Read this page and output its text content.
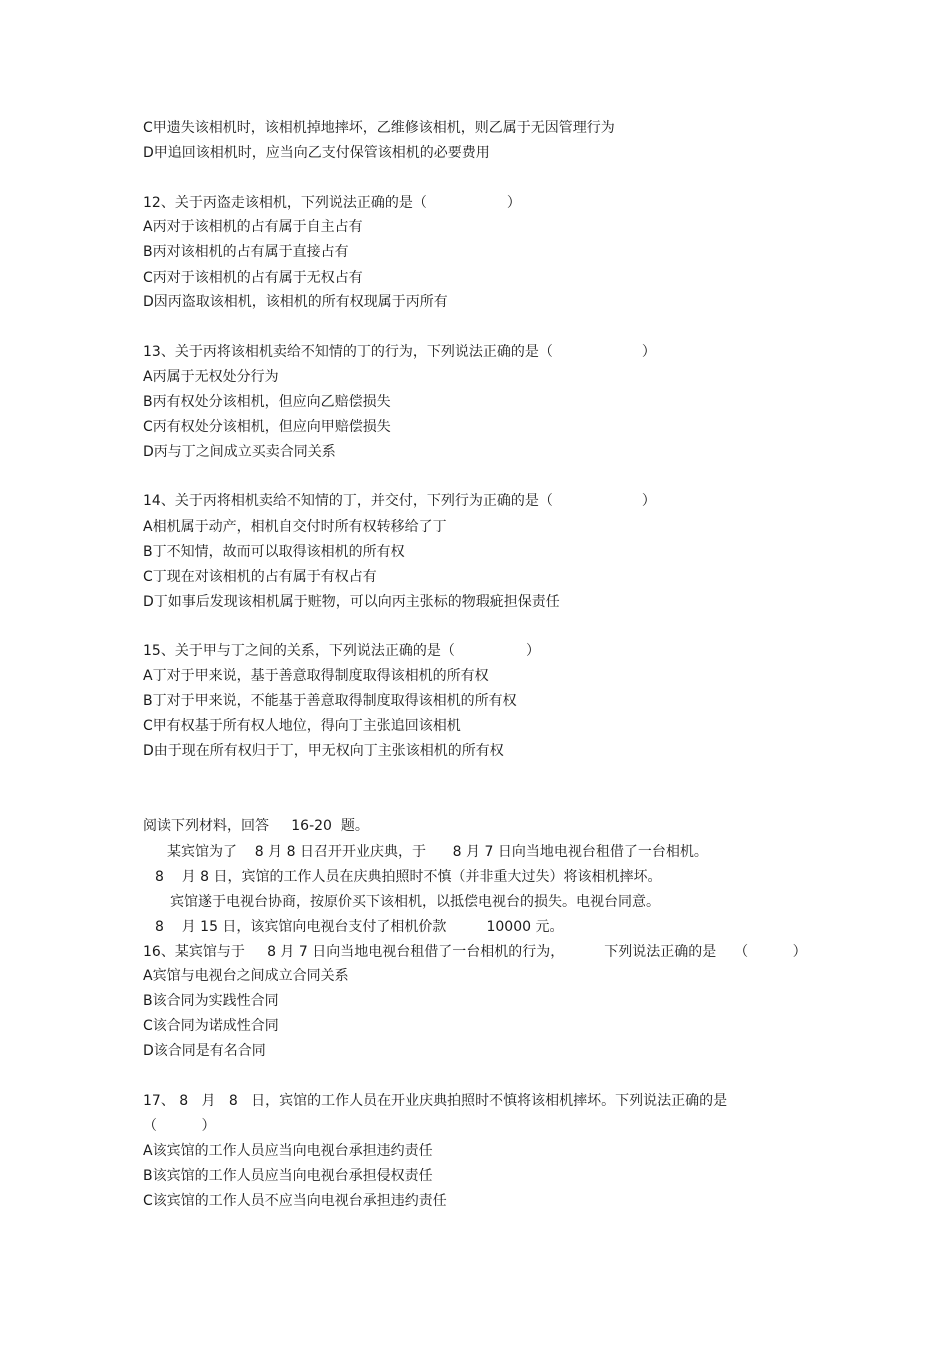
C甲遗失该相机时，该相机掉地摔坏，乙维修该相机，则乙属于无因管理行为
D甲追回该相机时，应当向乙支付保管该相机的必要费用
12、关于丙盗走该相机，下列说法正确的是（                  ）
A丙对于该相机的占有属于自主占有
B丙对该相机的占有属于直接占有
C丙对于该相机的占有属于无权占有
D因丙盗取该相机，该相机的所有权现属于丙所有
13、关于丙将该相机卖给不知情的丁的行为，下列说法正确的是（                    ）
A丙属于无权处分行为
B丙有权处分该相机，但应向乙赔偿损失
C丙有权处分该相机，但应向甲赔偿损失
D丙与丁之间成立买卖合同关系
14、关于丙将相机卖给不知情的丁，并交付，下列行为正确的是（                    ）
A相机属于动产，相机自交付时所有权转移给了丁
B丁不知情，故而可以取得该相机的所有权
C丁现在对该相机的占有属于有权占有
D丁如事后发现该相机属于赃物，可以向丙主张标的物瑕疵担保责任
15、关于甲与丁之间的关系，下列说法正确的是（                ）
A丁对于甲来说，基于善意取得制度取得该相机的所有权
B丁对于甲来说，不能基于善意取得制度取得该相机的所有权
C甲有权基于所有权人地位，得向丁主张追回该相机
D由于现在所有权归于丁，甲无权向丁主张该相机的所有权
阅读下列材料，回答     16-20  题。
某宾馆为了    8 月 8 日召开开业庆典，于      8 月 7 日向当地电视台租借了一台相机。
8    月 8 日，宾馆的工作人员在庆典拍照时不慎（并非重大过失）将该相机摔坏。
宾馆遂于电视台协商，按原价买下该相机，以抵偿电视台的损失。电视台同意。
8    月 15 日，该宾馆向电视台支付了相机价款         10000 元。
16、某宾馆与于     8 月 7 日向当地电视台租借了一台相机的行为，         下列说法正确的是    （          ）
A宾馆与电视台之间成立合同关系
B该合同为实践性合同
C该合同为诺成性合同
D该合同是有名合同
17、 8   月   8   日，宾馆的工作人员在开业庆典拍照时不慎将该相机摔坏。下列说法正确的是
（          ）
A该宾馆的工作人员应当向电视台承担违约责任
B该宾馆的工作人员应当向电视台承担侵权责任
C该宾馆的工作人员不应当向电视台承担违约责任
